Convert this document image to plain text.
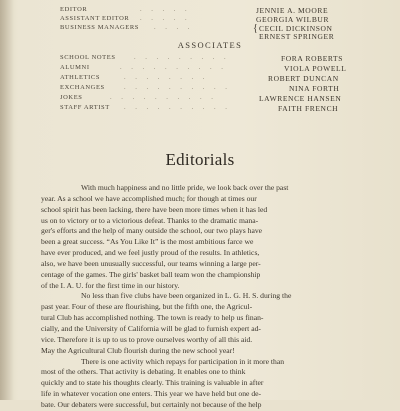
EDITOR	. . . . .	JENNIE A. MOORE
ASSISTANT EDITOR . . . . .	GEORGIA WILBUR
BUSINESS MANAGERS . . . .	{ CECIL DICKINSON
ERNEST SPRINGER
ASSOCIATES
SCHOOL NOTES	. . . . . . . . .	FORA ROBERTS
ALUMNI	. . . . . . . . . .	VIOLA POWELL
ATHLETICS	. . . . . . . .	ROBERT DUNCAN
EXCHANGES	. . . . . . . . . .	NINA FORTH
JOKES	. . . . . . . . . .	LAWRENCE HANSEN
STAFF ARTIST . . . . . . . . . .	FAITH FRENCH
Editorials

With much happiness and no little pride, we look back over the past
year. As a school we have accomplished much; for though at times our
school spirit has been lacking, there have been more times when it has led
us on to victory or to a victorious defeat. Thanks to the dramatic mana-
ger's efforts and the help of many outside the school, our two plays have
been a great success. “As You Like It” is the most ambitious farce we
have ever produced, and we feel justly proud of the results. In athletics,
also, we have been unusually successful, our teams winning a large per-
centage of the games. The girls' basket ball team won the championship
of the I. A. U. for the first time in our history.

No less than five clubs have been organized in L. G. H. S. during the
past year. Four of these are flourishing, but the fifth one, the Agricul-
tural Club has accomplished nothing. The town is ready to help us finan-
cially, and the University of California will be glad to furnish expert ad-
vice. Therefore it is up to us to prove ourselves worthy of all this aid.
May the Agricultural Club flourish during the new school year!

There is one activity which repays for participation in it more than
most of the others. That activity is debating. It enables one to think
quickly and to state his thoughts clearly. This training is valuable in after
life in whatever vocation one enters. This year we have held but one de-
bate. Our debaters were successful, but certainly not because of the help
